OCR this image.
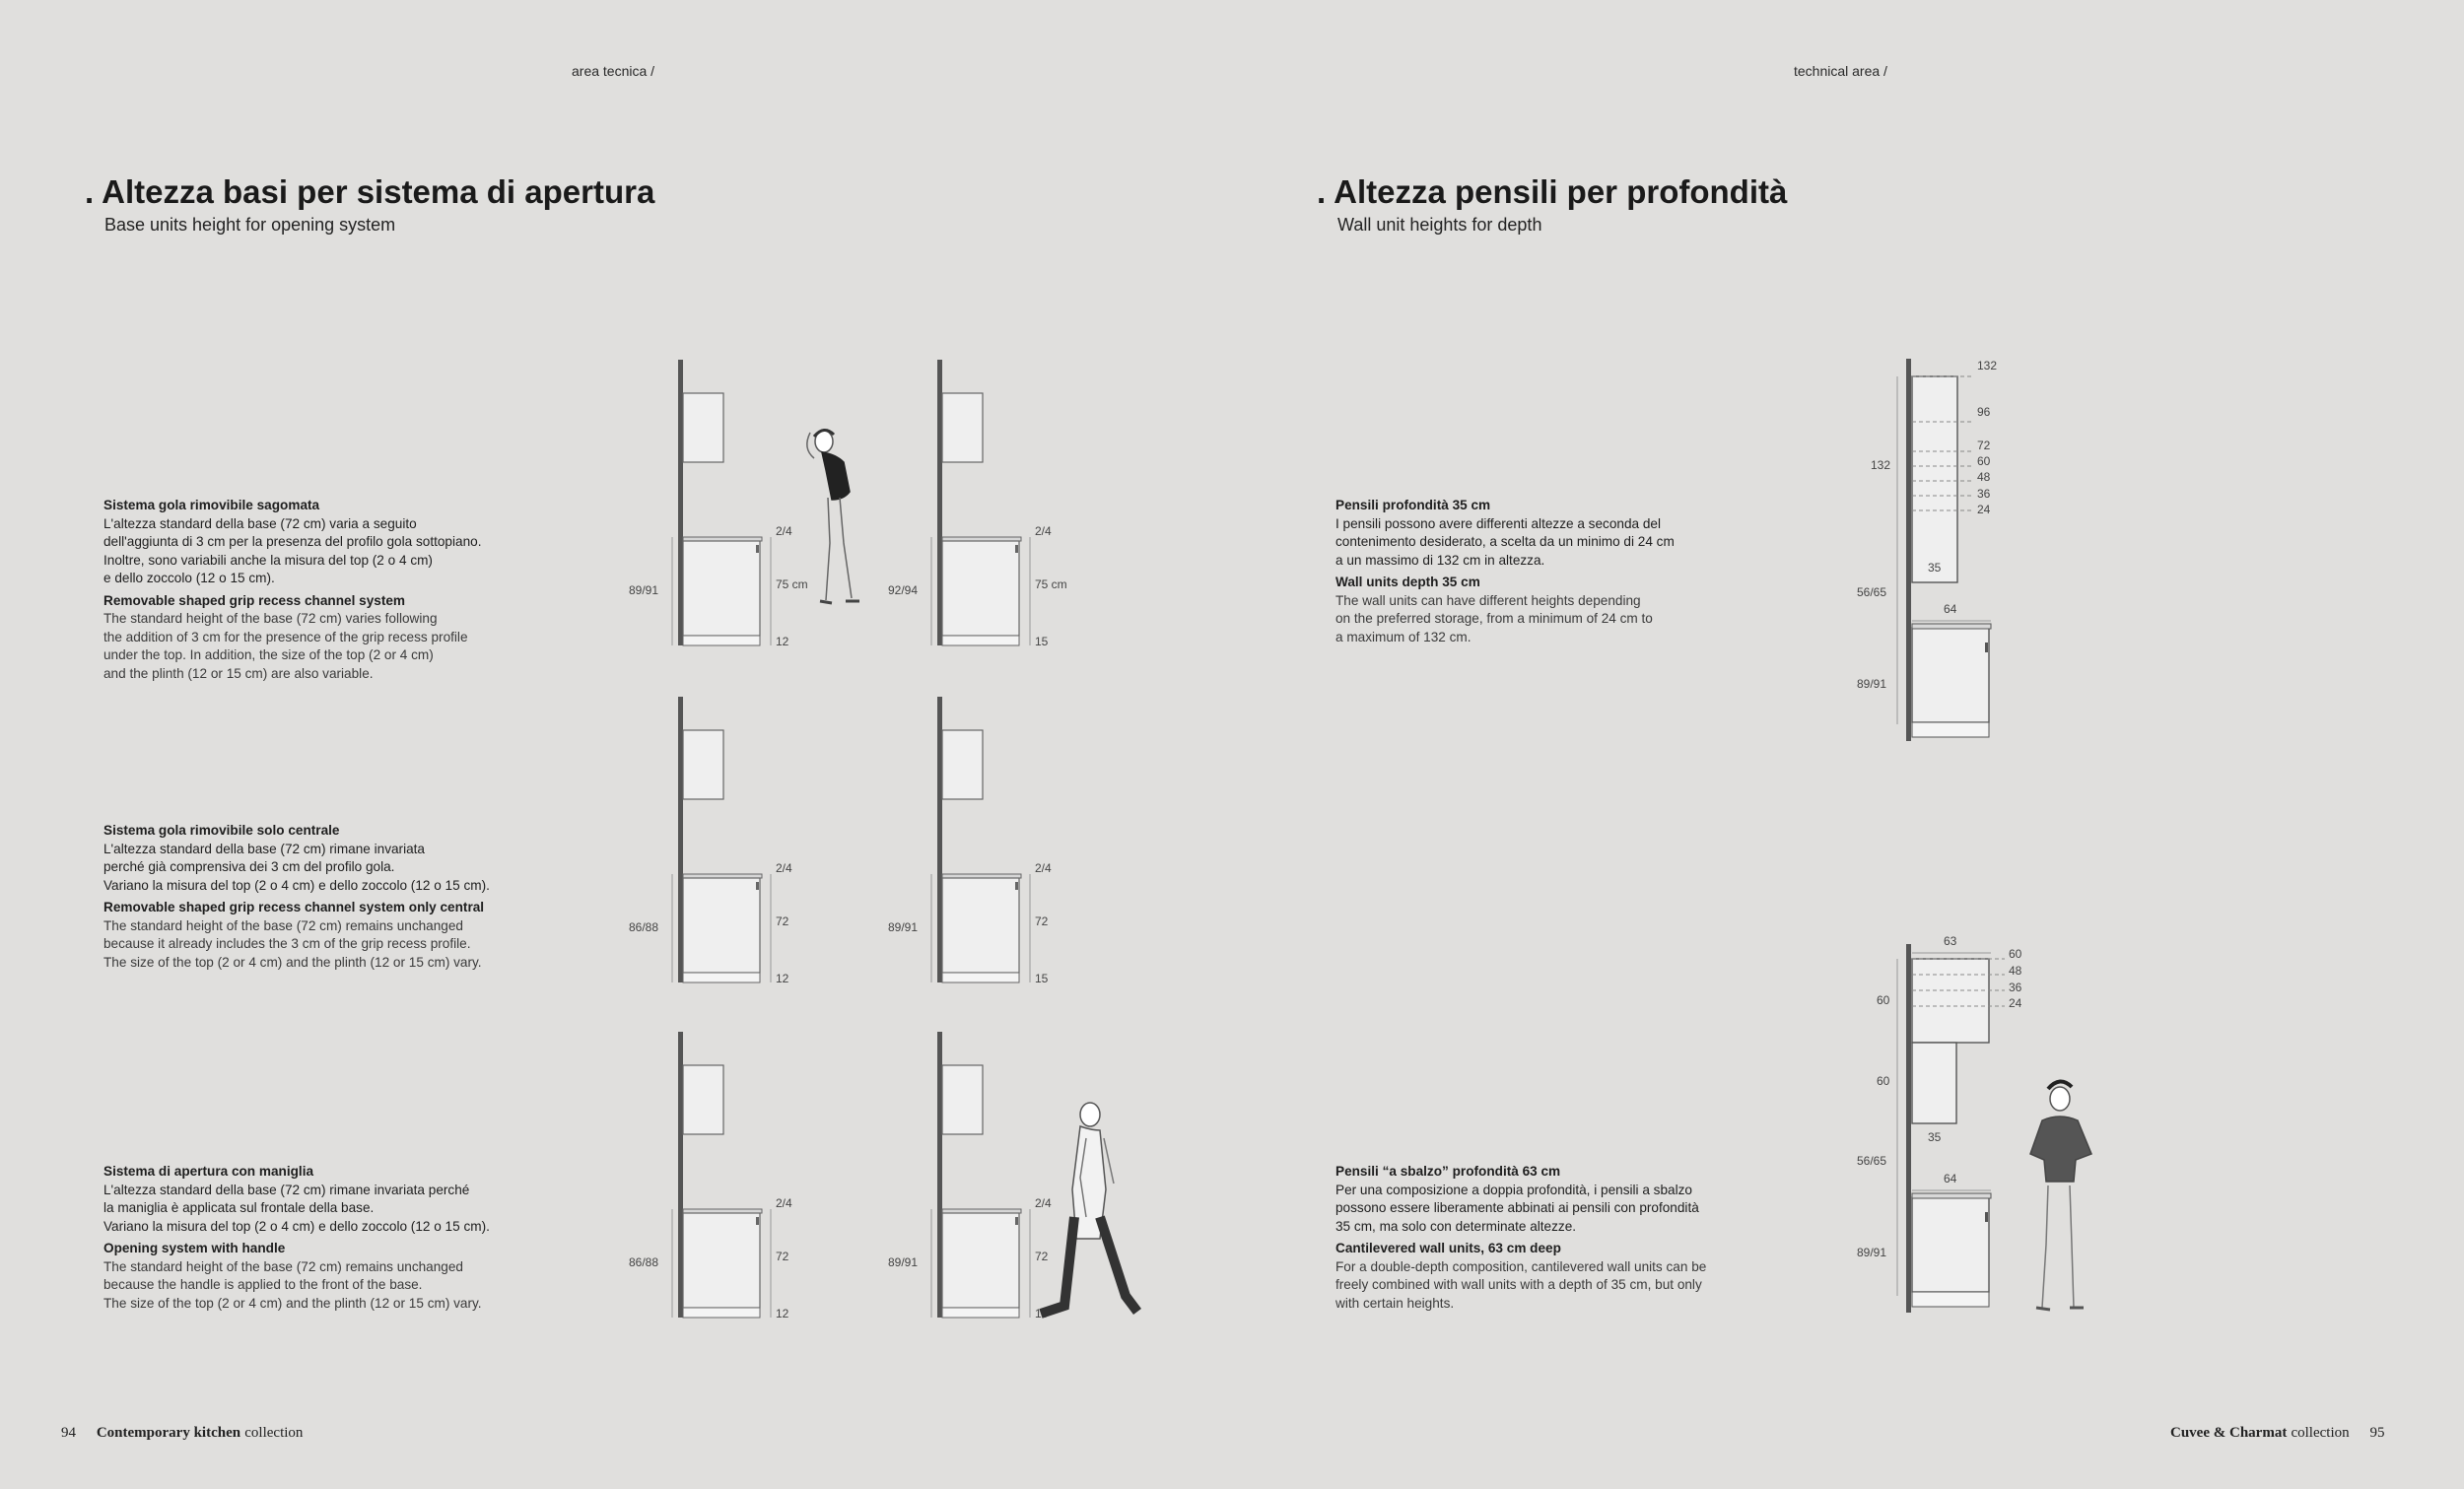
area tecnica /
. Altezza basi per sistema di apertura
Base units height for opening system
technical area /
. Altezza pensili per profondità
Wall unit heights for depth

Sistema gola rimovibile sagomata

L'altezza standard della base (72 cm) varia a seguito
dell'aggiunta di 3 cm per la presenza del profilo gola sottopiano.
Inoltre, sono variabili anche la misura del top (2 o 4 cm)
e dello zoccolo (12 o 15 cm).

Removable shaped grip recess channel system

The standard height of the base (72 cm) varies following
the addition of 3 cm for the presence of the grip recess profile
under the top. In addition, the size of the top (2 or 4 cm)
and the plinth (12 or 15 cm) are also variable.

Sistema gola rimovibile solo centrale

L'altezza standard della base (72 cm) rimane invariata
perché già comprensiva dei 3 cm del profilo gola.
Variano la misura del top (2 o 4 cm) e dello zoccolo (12 o 15 cm).

Removable shaped grip recess channel system only central

The standard height of the base (72 cm) remains unchanged
because it already includes the 3 cm of the grip recess profile.
The size of the top (2 or 4 cm) and the plinth (12 or 15 cm) vary.

Sistema di apertura con maniglia

L'altezza standard della base (72 cm) rimane invariata perché
la maniglia è applicata sul frontale della base.
Variano la misura del top (2 o 4 cm) e dello zoccolo (12 o 15 cm).

Opening system with handle

The standard height of the base (72 cm) remains unchanged
because the handle is applied to the front of the base.
The size of the top (2 or 4 cm) and the plinth (12 or 15 cm) vary.

Pensili profondità 35 cm

I pensili possono avere differenti altezze a seconda del
contenimento desiderato, a scelta da un minimo di 24 cm
a un massimo di 132 cm in altezza.

Wall units depth 35 cm

The wall units can have different heights depending
on the preferred storage, from a minimum of 24 cm to
a maximum of 132 cm.

Pensili “a sbalzo” profondità 63 cm

Per una composizione a doppia profondità, i pensili a sbalzo
possono essere liberamente abbinati ai pensili con profondità
35 cm, ma solo con determinate altezze.

Cantilevered wall units, 63 cm deep

For a double-depth composition, cantilevered wall units can be
freely combined with wall units with a depth of 35 cm, but only
with certain heights.

2/4
75 cm
12
89/91
2/4
75 cm
15
92/94
2/4
72
12
86/88
2/4
72
15
89/91
2/4
72
12
86/88
2/4
72
15
89/91
132
96
72
60
48
36
24
132
35
56/65
64
89/91
63
60
48
36
24
60
60
35
56/65
64
89/91
94 Contemporary kitchen collection	Cuvee & Charmat collection 95
